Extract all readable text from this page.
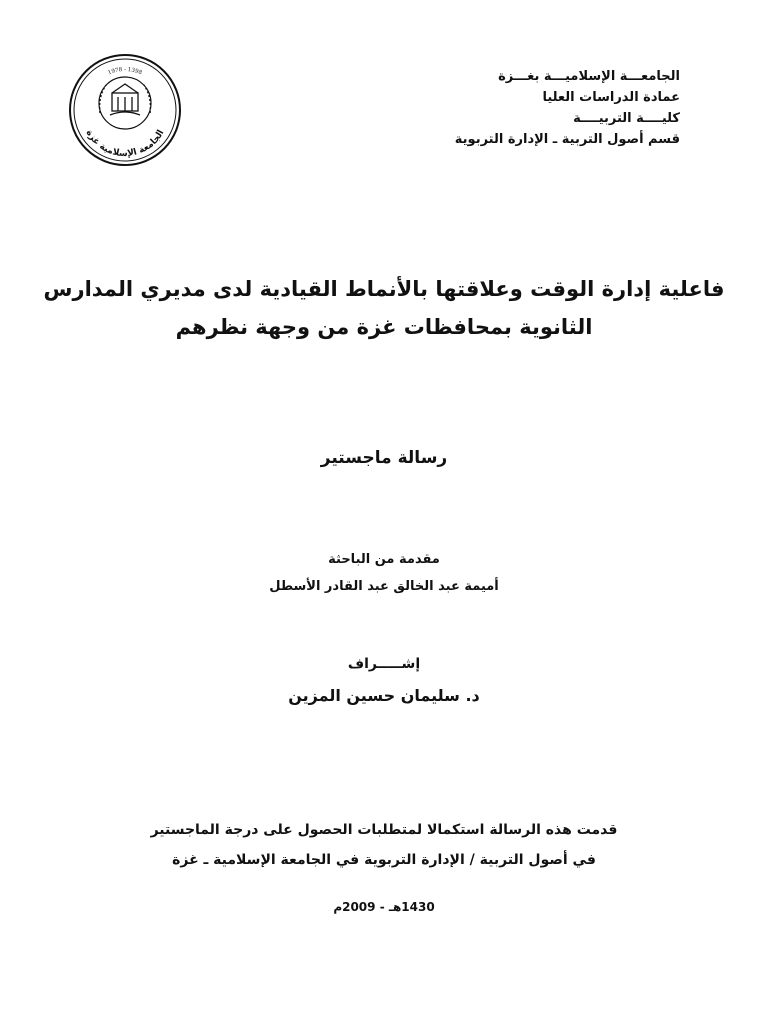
الجامعـــة الإسلاميـــة بغـــزة
عمادة الدراسات العليا
كليــــة التربيــــة
قسم أصول التربية ـ الإدارة التربوية
الجامعة الإسلامية غزة
1978 - 1398
فاعلية إدارة الوقت وعلاقتها بالأنماط القيادية لدى مديري المدارس
الثانوية بمحافظات غزة من وجهة نظرهم
رسالة ماجستير
مقدمة من الباحثة
أميمة عبد الخالق عبد القادر الأسطل
إشـــــراف
د. سليمان حسين المزين
قدمت هذه الرسالة استكمالا لمتطلبات الحصول على درجة الماجستير
في أصول التربية / الإدارة التربوية في الجامعة الإسلامية ـ غزة
1430هـ - 2009م
